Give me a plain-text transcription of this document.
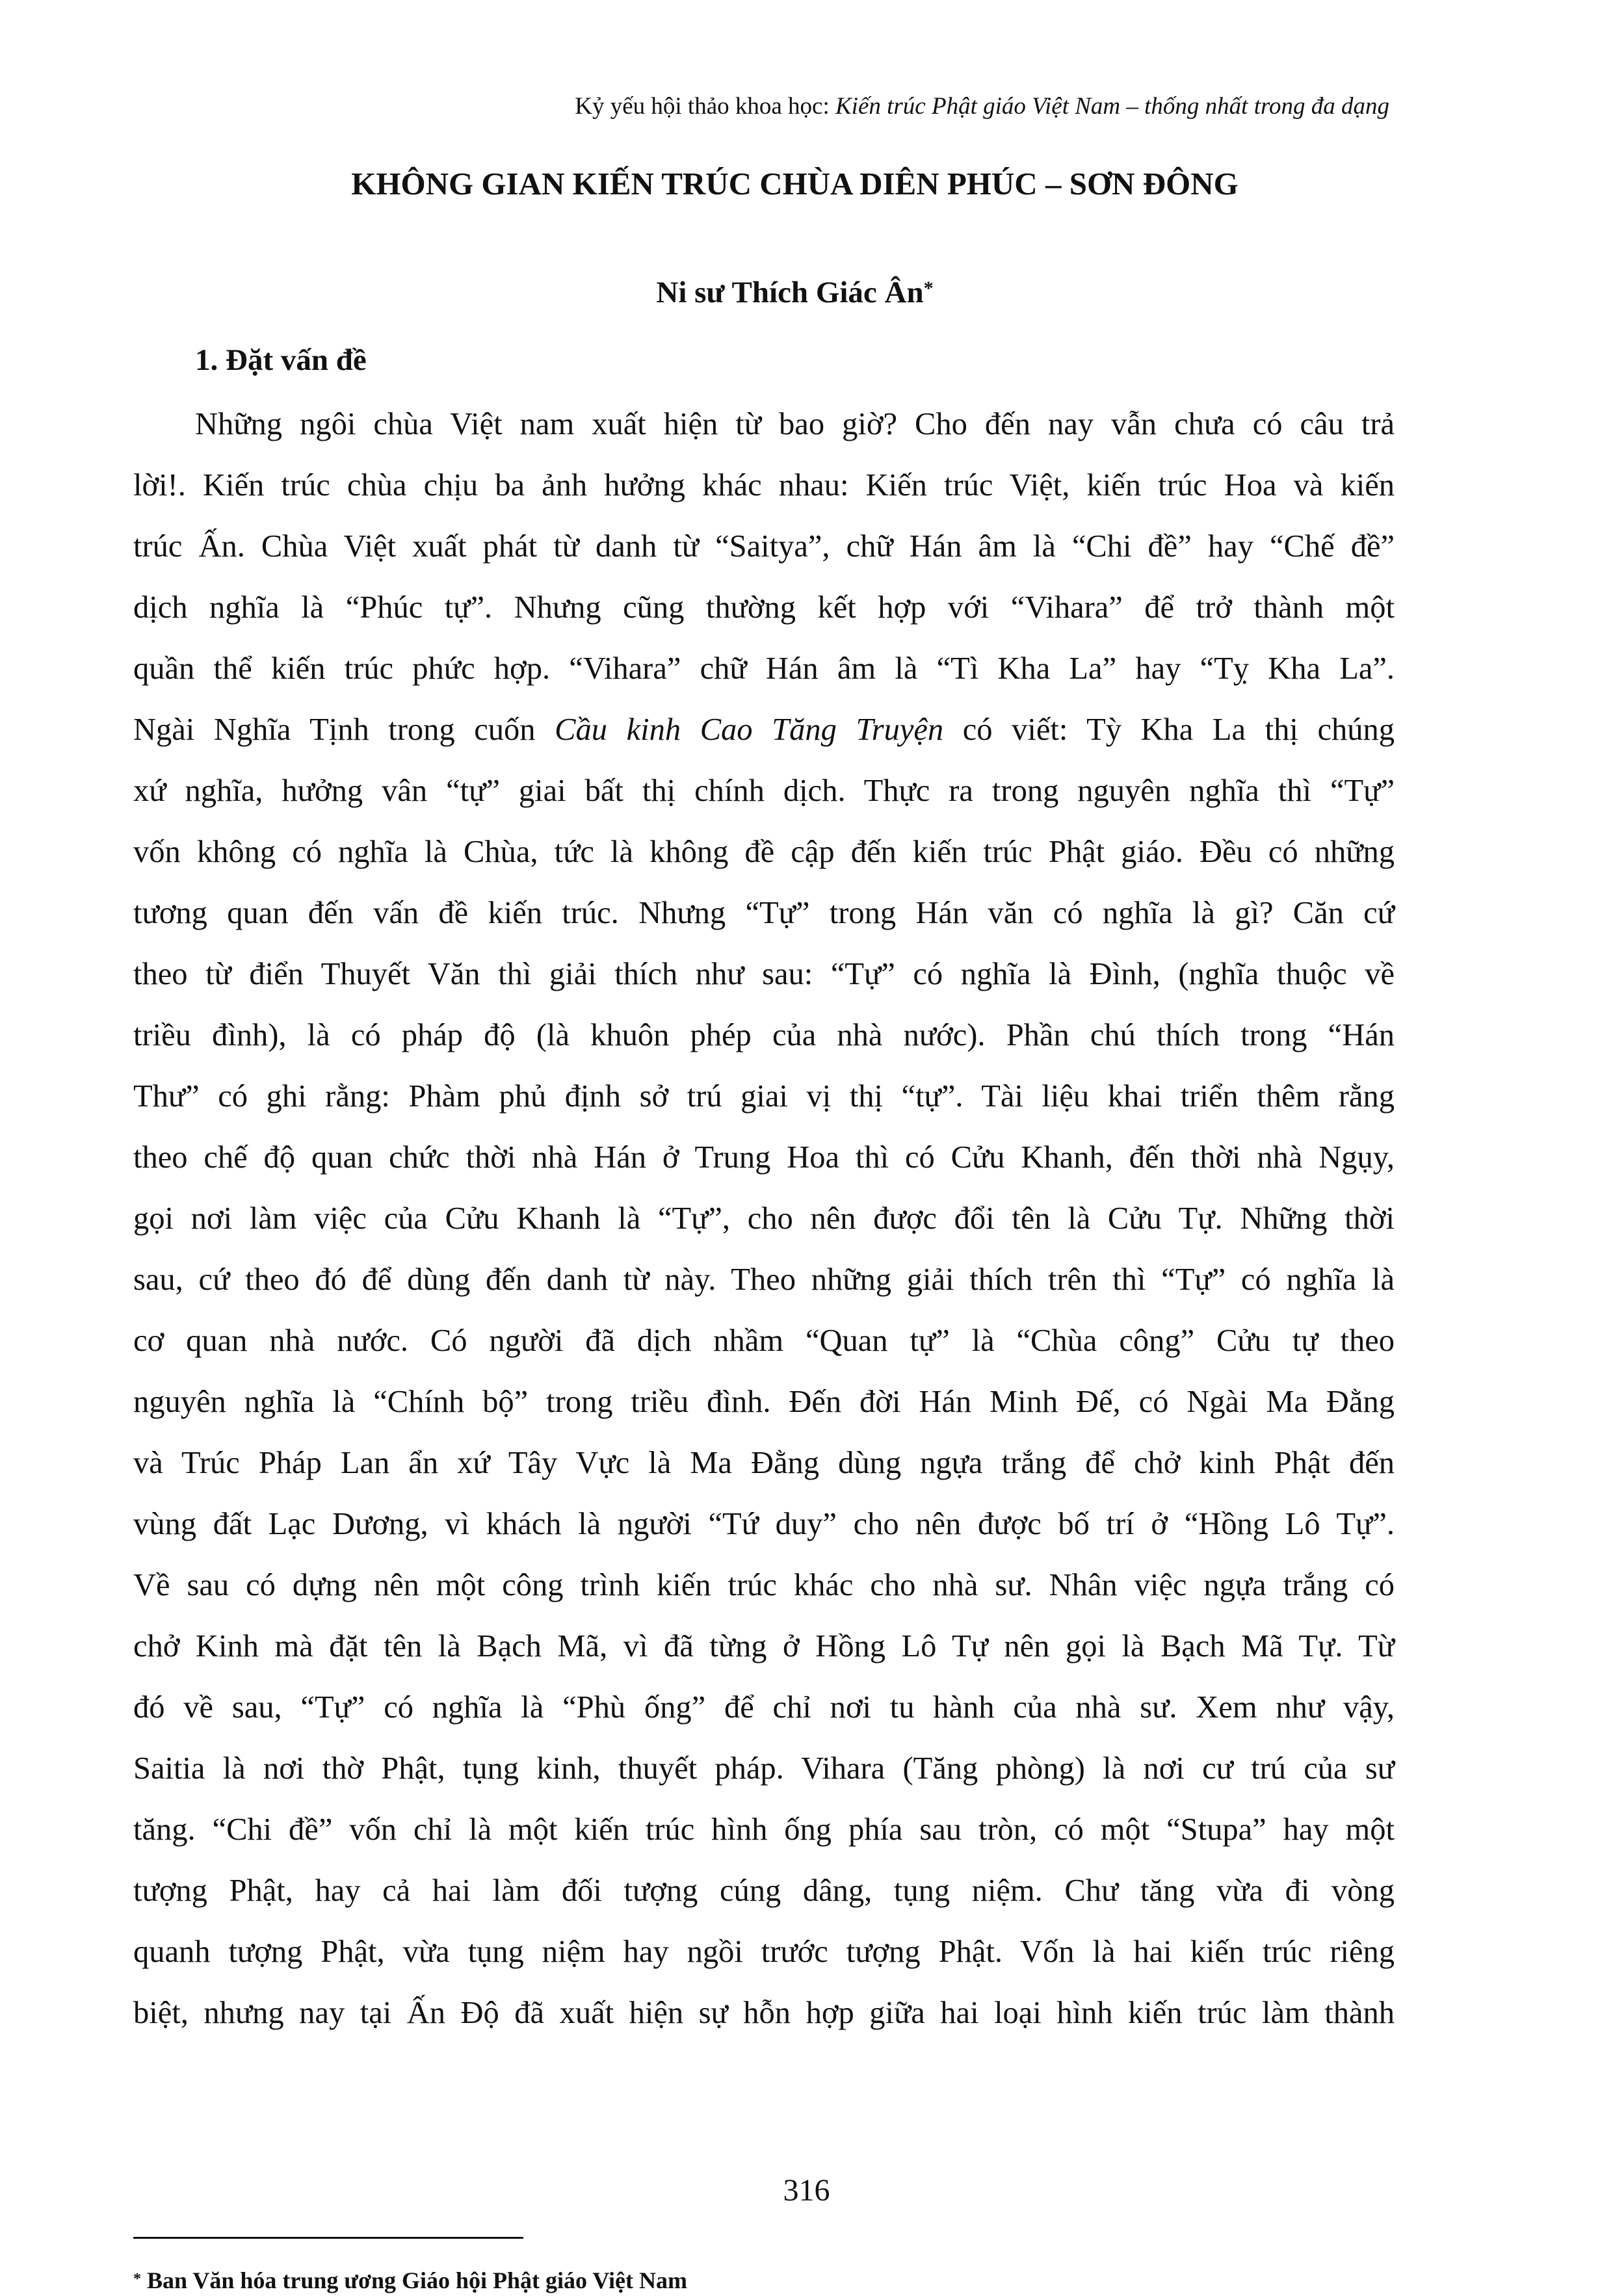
Kỷ yếu hội thảo khoa học: Kiến trúc Phật giáo Việt Nam – thống nhất trong đa dạng
KHÔNG GIAN KIẾN TRÚC CHÙA DIÊN PHÚC – SƠN ĐÔNG
Ni sư Thích Giác Ân*
1. Đặt vấn đề
Những ngôi chùa Việt nam xuất hiện từ bao giờ? Cho đến nay vẫn chưa có câu trả
lời!. Kiến trúc chùa chịu ba ảnh hưởng khác nhau: Kiến trúc Việt, kiến trúc Hoa và kiến
trúc Ấn. Chùa Việt xuất phát từ danh từ “Saitya”, chữ Hán âm là “Chi đề” hay “Chế đề”
dịch nghĩa là “Phúc tự”. Nhưng cũng thường kết hợp với “Vihara” để trở thành một
quần thể kiến trúc phức hợp. “Vihara” chữ Hán âm là “Tì Kha La” hay “Tỵ Kha La”.
Ngài Nghĩa Tịnh trong cuốn Cầu kinh Cao Tăng Truyện có viết: Tỳ Kha La thị chúng
xứ nghĩa, hưởng vân “tự” giai bất thị chính dịch. Thực ra trong nguyên nghĩa thì “Tự”
vốn không có nghĩa là Chùa, tức là không đề cập đến kiến trúc Phật giáo. Đều có những
tương quan đến vấn đề kiến trúc. Nhưng “Tự” trong Hán văn có nghĩa là gì? Căn cứ
theo từ điển Thuyết Văn thì giải thích như sau: “Tự” có nghĩa là Đình, (nghĩa thuộc về
triều đình), là có pháp độ (là khuôn phép của nhà nước). Phần chú thích trong “Hán
Thư” có ghi rằng: Phàm phủ định sở trú giai vị thị “tự”. Tài liệu khai triển thêm rằng
theo chế độ quan chức thời nhà Hán ở Trung Hoa thì có Cửu Khanh, đến thời nhà Ngụy,
gọi nơi làm việc của Cửu Khanh là “Tự”, cho nên được đổi tên là Cửu Tự. Những thời
sau, cứ theo đó để dùng đến danh từ này. Theo những giải thích trên thì “Tự” có nghĩa là
cơ quan nhà nước. Có người đã dịch nhầm “Quan tự” là “Chùa công” Cửu tự theo
nguyên nghĩa là “Chính bộ” trong triều đình. Đến đời Hán Minh Đế, có Ngài Ma Đằng
và Trúc Pháp Lan ẩn xứ Tây Vực là Ma Đằng dùng ngựa trắng để chở kinh Phật đến
vùng đất Lạc Dương, vì khách là người “Tứ duy” cho nên được bố trí ở “Hồng Lô Tự”.
Về sau có dựng nên một công trình kiến trúc khác cho nhà sư. Nhân việc ngựa trắng có
chở Kinh mà đặt tên là Bạch Mã, vì đã từng ở Hồng Lô Tự nên gọi là Bạch Mã Tự. Từ
đó về sau, “Tự” có nghĩa là “Phù ống” để chỉ nơi tu hành của nhà sư. Xem như vậy,
Saitia là nơi thờ Phật, tụng kinh, thuyết pháp. Vihara (Tăng phòng) là nơi cư trú của sư
tăng. “Chi đề” vốn chỉ là một kiến trúc hình ống phía sau tròn, có một “Stupa” hay một
tượng Phật, hay cả hai làm đối tượng cúng dâng, tụng niệm. Chư tăng vừa đi vòng
quanh tượng Phật, vừa tụng niệm hay ngồi trước tượng Phật. Vốn là hai kiến trúc riêng
biệt, nhưng nay tại Ấn Độ đã xuất hiện sự hỗn hợp giữa hai loại hình kiến trúc làm thành
316
* Ban Văn hóa trung ương Giáo hội Phật giáo Việt Nam
